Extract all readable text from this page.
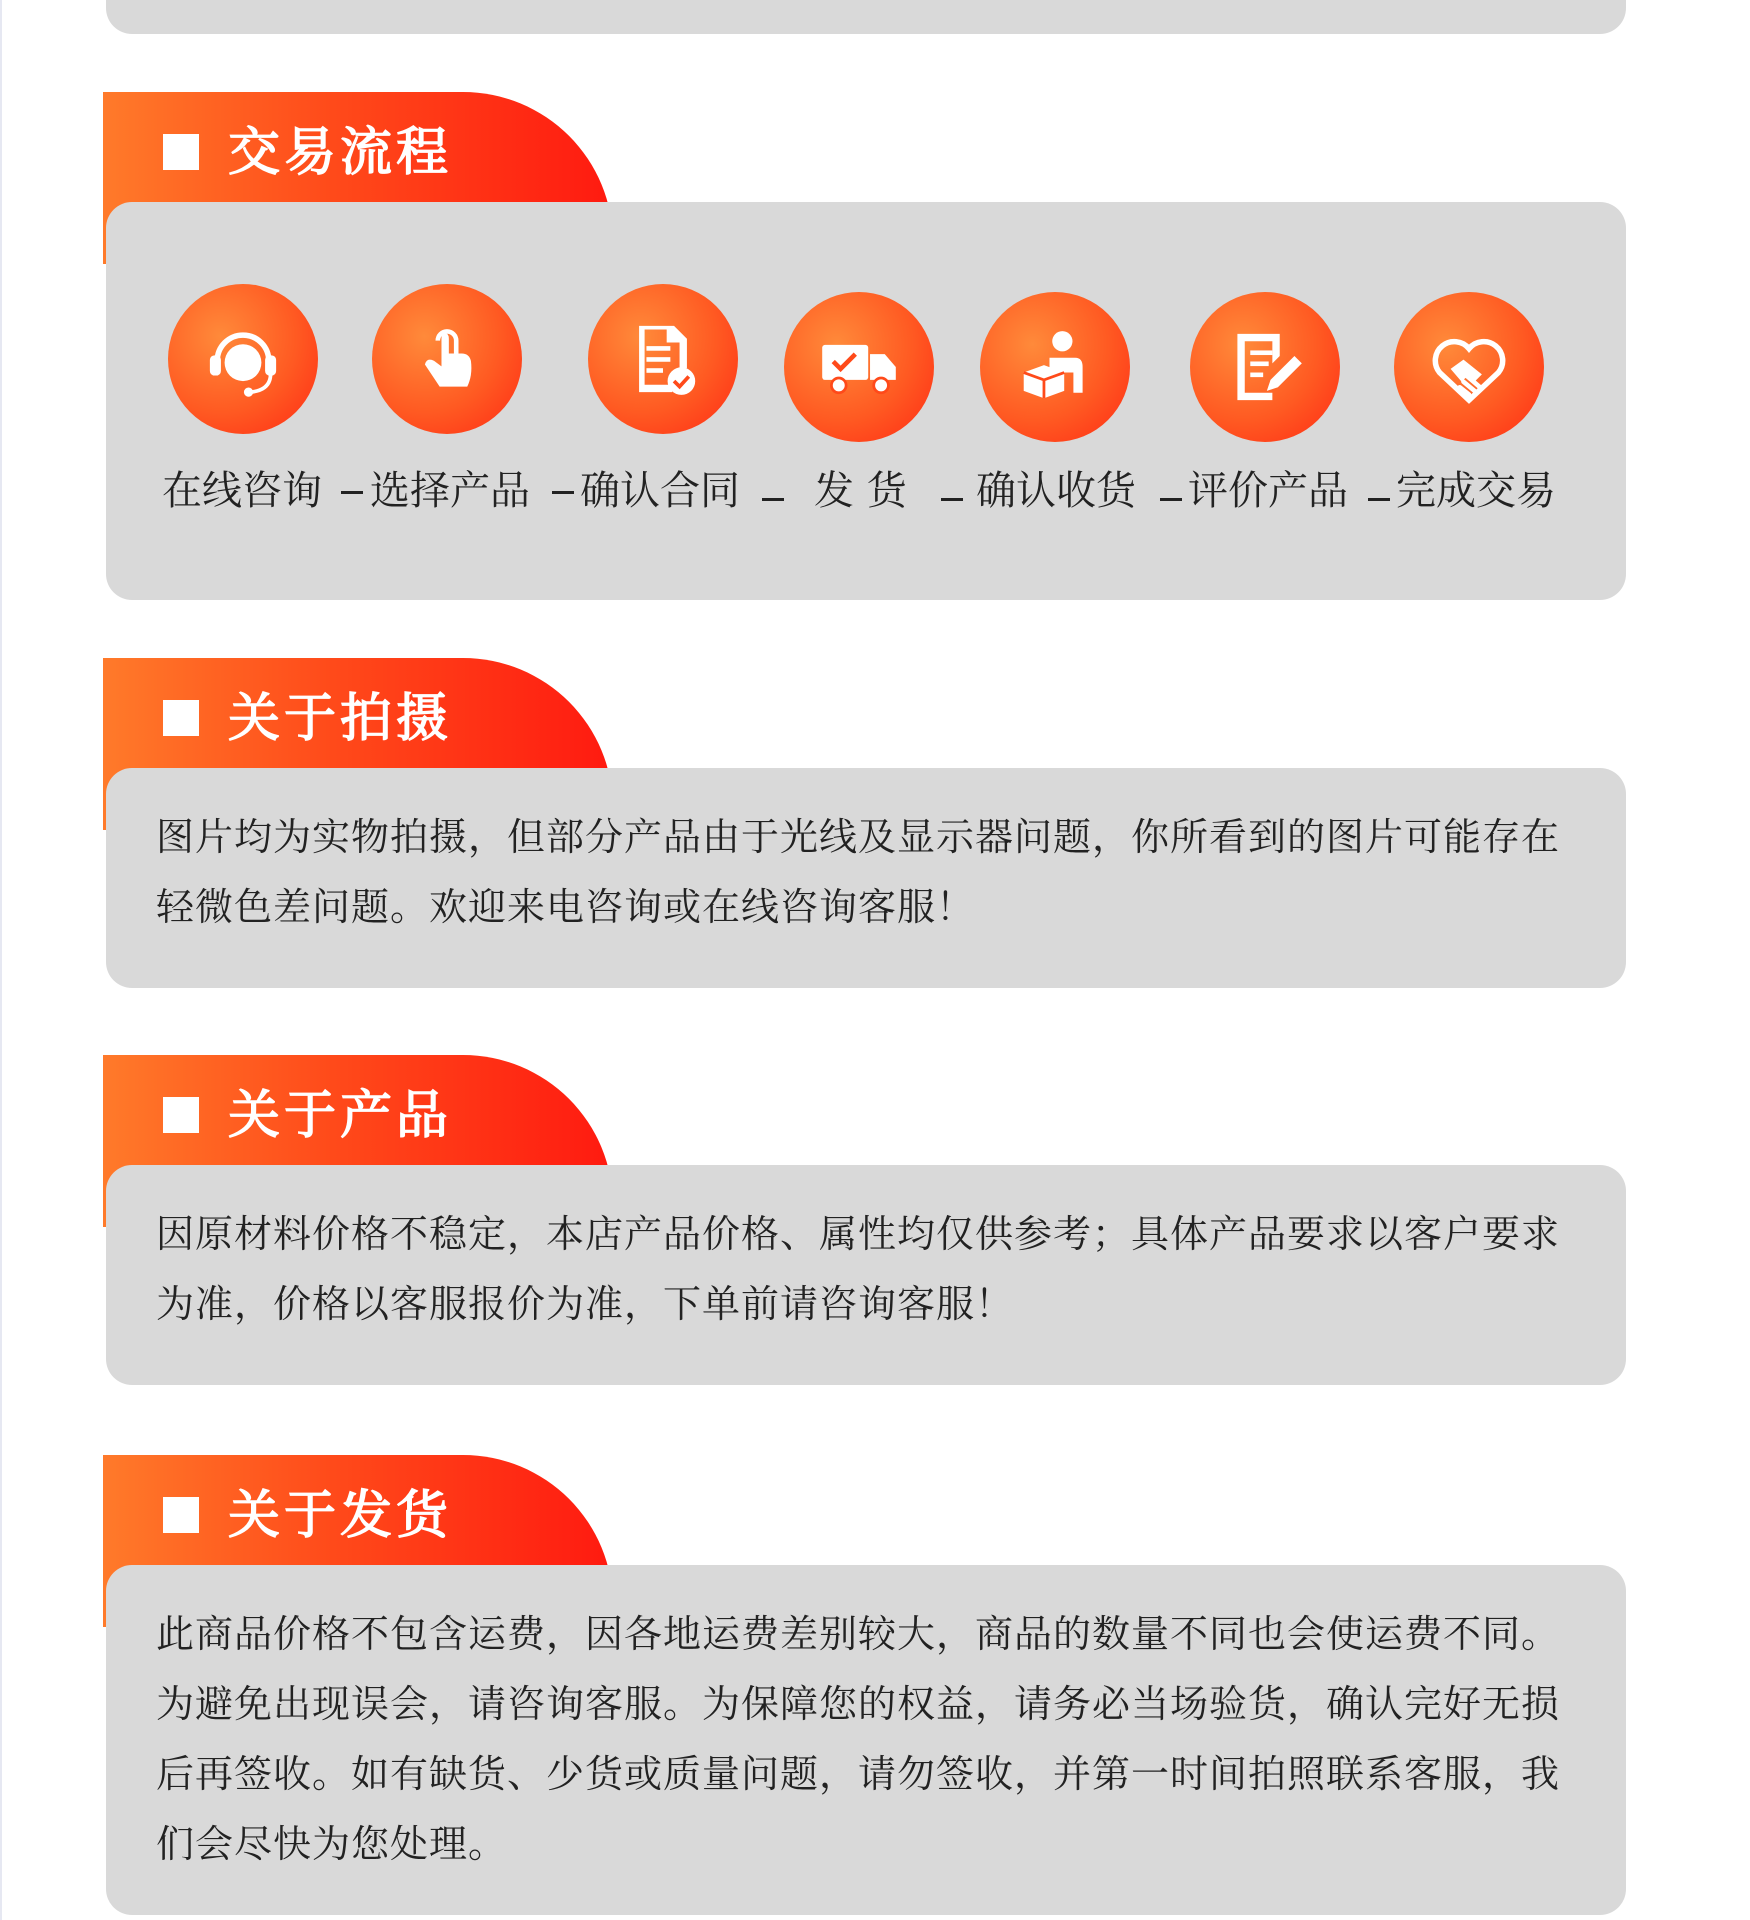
交易流程
在线咨询 选择产品 确认合同 发 货 确认收货 评价产品 完成交易
关于拍摄
图片均为实物拍摄，但部分产品由于光线及显示器问题，你所看到的图片可能存在轻微色差问题。欢迎来电咨询或在线咨询客服！
关于产品
因原材料价格不稳定，本店产品价格、属性均仅供参考；具体产品要求以客户要求为准，价格以客服报价为准，下单前请咨询客服！
关于发货
此商品价格不包含运费，因各地运费差别较大，商品的数量不同也会使运费不同。为避免出现误会，请咨询客服。为保障您的权益，请务必当场验货，确认完好无损后再签收。如有缺货、少货或质量问题，请勿签收，并第一时间拍照联系客服，我们会尽快为您处理。
